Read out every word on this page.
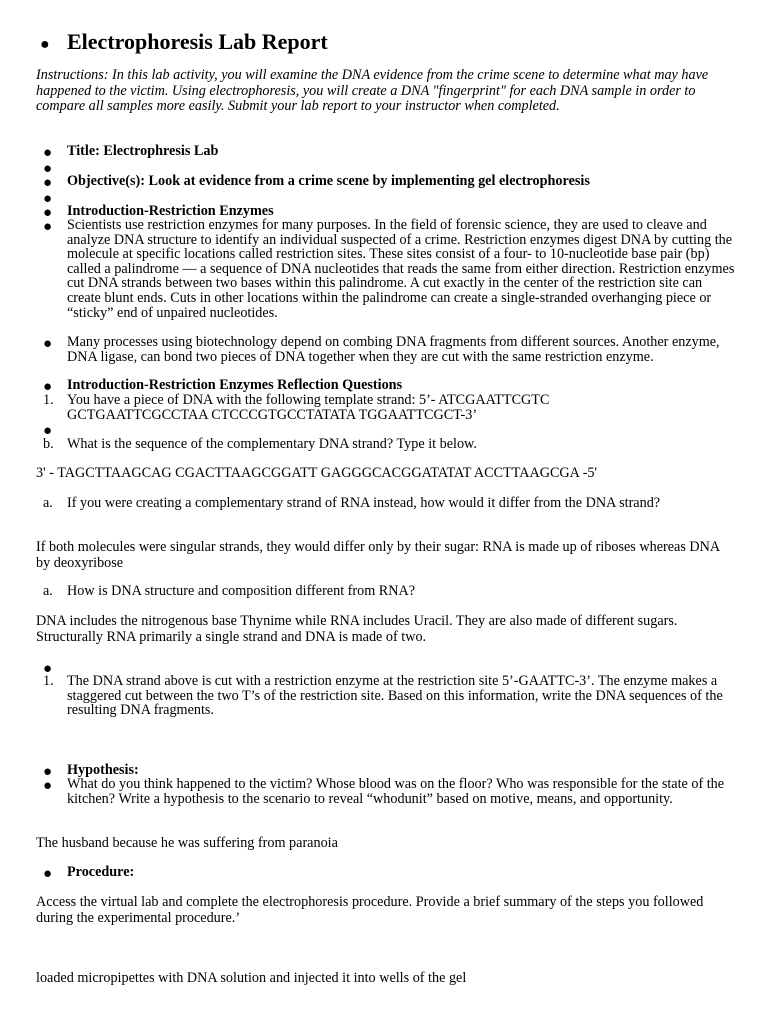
● Electrophoresis Lab Report
Instructions: In this lab activity, you will examine the DNA evidence from the crime scene to determine what may have happened to the victim. Using electrophoresis, you will create a DNA "fingerprint" for each DNA sample in order to compare all samples more easily. Submit your lab report to your instructor when completed.
● Title: Electrophresis Lab
●
● Objective(s): Look at evidence from a crime scene by implementing gel electrophoresis
●
● Introduction-Restriction Enzymes
● Scientists use restriction enzymes for many purposes. In the field of forensic science, they are used to cleave and analyze DNA structure to identify an individual suspected of a crime. Restriction enzymes digest DNA by cutting the molecule at specific locations called restriction sites. These sites consist of a four- to 10-nucleotide base pair (bp) called a palindrome — a sequence of DNA nucleotides that reads the same from either direction. Restriction enzymes cut DNA strands between two bases within this palindrome. A cut exactly in the center of the restriction site can create blunt ends. Cuts in other locations within the palindrome can create a single-stranded overhanging piece or “sticky” end of unpaired nucleotides.
● Many processes using biotechnology depend on combing DNA fragments from different sources. Another enzyme, DNA ligase, can bond two pieces of DNA together when they are cut with the same restriction enzyme.
● Introduction-Restriction Enzymes Reflection Questions
1. You have a piece of DNA with the following template strand: 5’- ATCGAATTCGTC GCTGAATTCGCCTAA CTCCCGTGCCTATATA TGGAATTCGCT-3’
●
b. What is the sequence of the complementary DNA strand? Type it below.
3' - TAGCTTAAGCAG CGACTTAAGCGGATT GAGGGCACGGATATAT ACCTTAAGCGA -5'
a. If you were creating a complementary strand of RNA instead, how would it differ from the DNA strand?
If both molecules were singular strands, they would differ only by their sugar: RNA is made up of riboses whereas DNA by deoxyribose
a. How is DNA structure and composition different from RNA?
DNA includes the nitrogenous base Thynime while RNA includes Uracil. They are also made of different sugars. Structurally RNA primarily a single strand and DNA is made of two.
●
1. The DNA strand above is cut with a restriction enzyme at the restriction site 5’-GAATTC-3’. The enzyme makes a staggered cut between the two T’s of the restriction site. Based on this information, write the DNA sequences of the resulting DNA fragments.
● Hypothesis:
● What do you think happened to the victim? Whose blood was on the floor? Who was responsible for the state of the kitchen? Write a hypothesis to the scenario to reveal “whodunit” based on motive, means, and opportunity.
The husband because he was suffering from paranoia
● Procedure:
Access the virtual lab and complete the electrophoresis procedure. Provide a brief summary of the steps you followed during the experimental procedure.’
loaded micropipettes with DNA solution and injected it into wells of the gel
